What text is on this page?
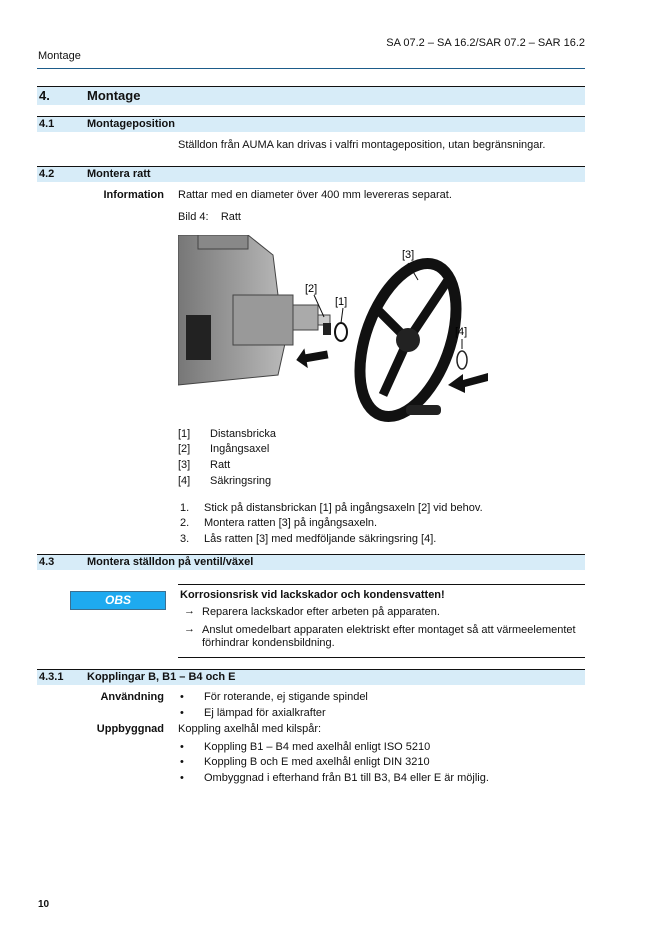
SA 07.2 – SA 16.2/SAR 07.2 – SAR 16.2
Montage
4.	Montage
4.1	Montageposition
Ställdon från AUMA kan drivas i valfri montageposition, utan begränsningar.
4.2	Montera ratt
Information Rattar med en diameter över 400 mm levereras separat.
Bild 4: Ratt
[2]
[1]
[3]
[4]
[1] Distansbricka
[2] Ingångsaxel
[3] Ratt
[4] Säkringsring
1. Stick på distansbrickan [1] på ingångsaxeln [2] vid behov.
2. Montera ratten [3] på ingångsaxeln.
3. Lås ratten [3] med medföljande säkringsring [4].
4.3	Montera ställdon på ventil/växel
OBS	Korrosionsrisk vid lackskador och kondensvatten!
→ Reparera lackskador efter arbeten på apparaten.
→ Anslut omedelbart apparaten elektriskt efter montaget så att värmeelementet
förhindrar kondensbildning.
4.3.1 Kopplingar B, B1 – B4 och E
Användning • För roterande, ej stigande spindel
• Ej lämpad för axialkrafter
Uppbyggnad Koppling axelhål med kilspår:
• Koppling B1 – B4 med axelhål enligt ISO 5210
• Koppling B och E med axelhål enligt DIN 3210
• Ombyggnad i efterhand från B1 till B3, B4 eller E är möjlig.
10
